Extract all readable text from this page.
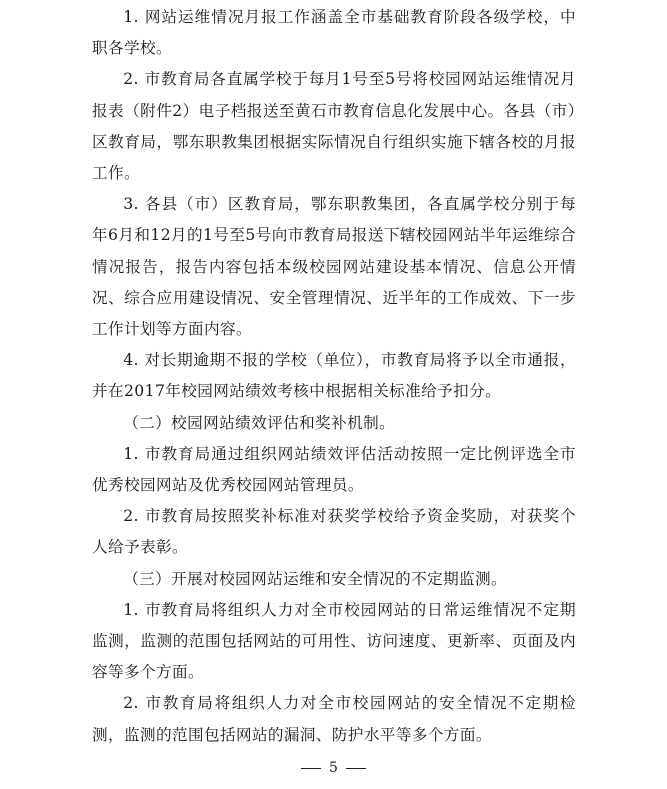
1. 网站运维情况月报工作涵盖全市基础教育阶段各级学校，中职各学校。

2. 市教育局各直属学校于每月1号至5号将校园网站运维情况月报表（附件2）电子档报送至黄石市教育信息化发展中心。各县（市）区教育局，鄂东职教集团根据实际情况自行组织实施下辖各校的月报工作。

3. 各县（市）区教育局，鄂东职教集团，各直属学校分别于每年6月和12月的1号至5号向市教育局报送下辖校园网站半年运维综合情况报告，报告内容包括本级校园网站建设基本情况、信息公开情况、综合应用建设情况、安全管理情况、近半年的工作成效、下一步工作计划等方面内容。

4. 对长期逾期不报的学校（单位），市教育局将予以全市通报，并在2017年校园网站绩效考核中根据相关标准给予扣分。

（二）校园网站绩效评估和奖补机制。

1. 市教育局通过组织网站绩效评估活动按照一定比例评选全市优秀校园网站及优秀校园网站管理员。

2. 市教育局按照奖补标准对获奖学校给予资金奖励，对获奖个人给予表彰。

（三）开展对校园网站运维和安全情况的不定期监测。

1. 市教育局将组织人力对全市校园网站的日常运维情况不定期监测，监测的范围包括网站的可用性、访问速度、更新率、页面及内容等多个方面。

2. 市教育局将组织人力对全市校园网站的安全情况不定期检测，监测的范围包括网站的漏洞、防护水平等多个方面。

5
